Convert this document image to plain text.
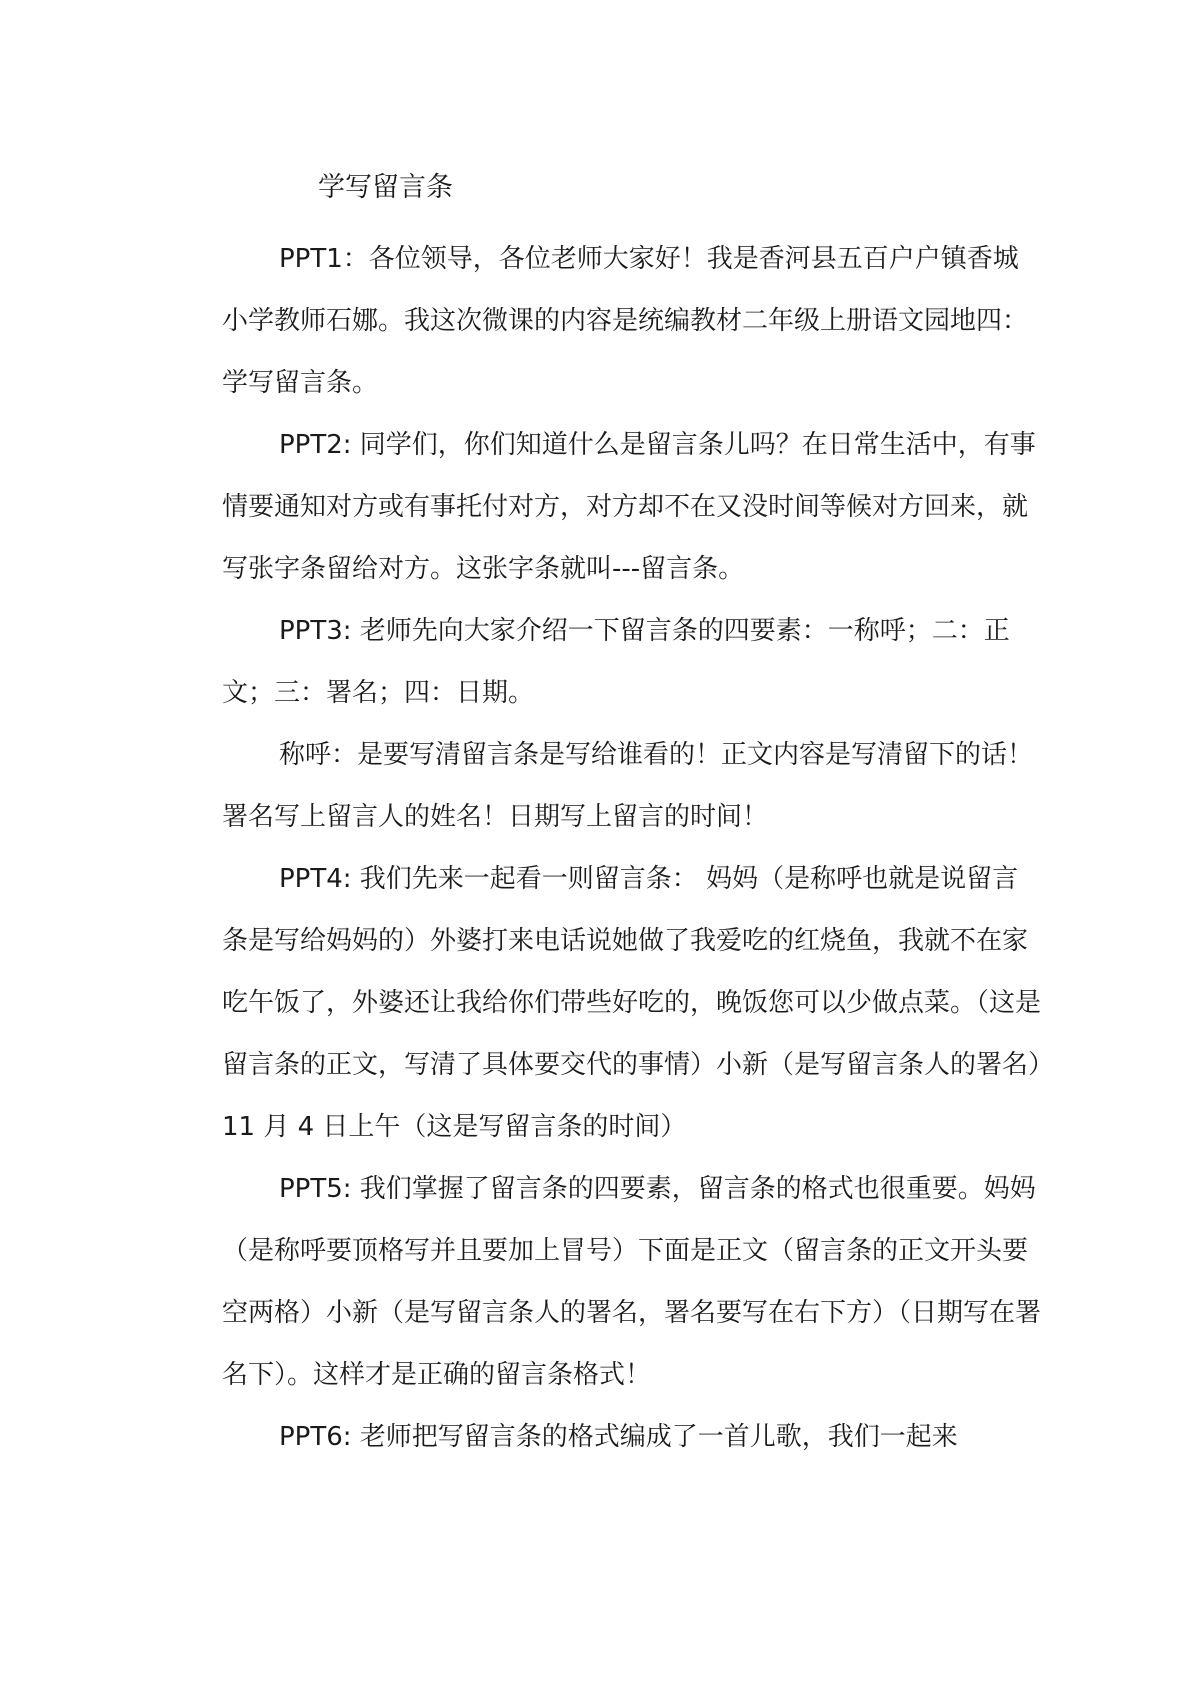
学写留言条

PPT1：各位领导，各位老师大家好！我是香河县五百户户镇香城小学教师石娜。我这次微课的内容是统编教材二年级上册语文园地四：学写留言条。

PPT2: 同学们，你们知道什么是留言条儿吗？在日常生活中，有事情要通知对方或有事托付对方，对方却不在又没时间等候对方回来，就写张字条留给对方。这张字条就叫---留言条。

PPT3: 老师先向大家介绍一下留言条的四要素：一称呼；二：正文；三：署名；四：日期。

称呼：是要写清留言条是写给谁看的！正文内容是写清留下的话！署名写上留言人的姓名！日期写上留言的时间！

PPT4: 我们先来一起看一则留言条： 妈妈（是称呼也就是说留言条是写给妈妈的）外婆打来电话说她做了我爱吃的红烧鱼，我就不在家吃午饭了，外婆还让我给你们带些好吃的，晚饭您可以少做点菜。（这是留言条的正文，写清了具体要交代的事情）小新（是写留言条人的署名）11 月 4 日上午（这是写留言条的时间）

PPT5: 我们掌握了留言条的四要素，留言条的格式也很重要。妈妈（是称呼要顶格写并且要加上冒号）下面是正文（留言条的正文开头要空两格）小新（是写留言条人的署名，署名要写在右下方）（日期写在署名下）。这样才是正确的留言条格式！

PPT6: 老师把写留言条的格式编成了一首儿歌，我们一起来
